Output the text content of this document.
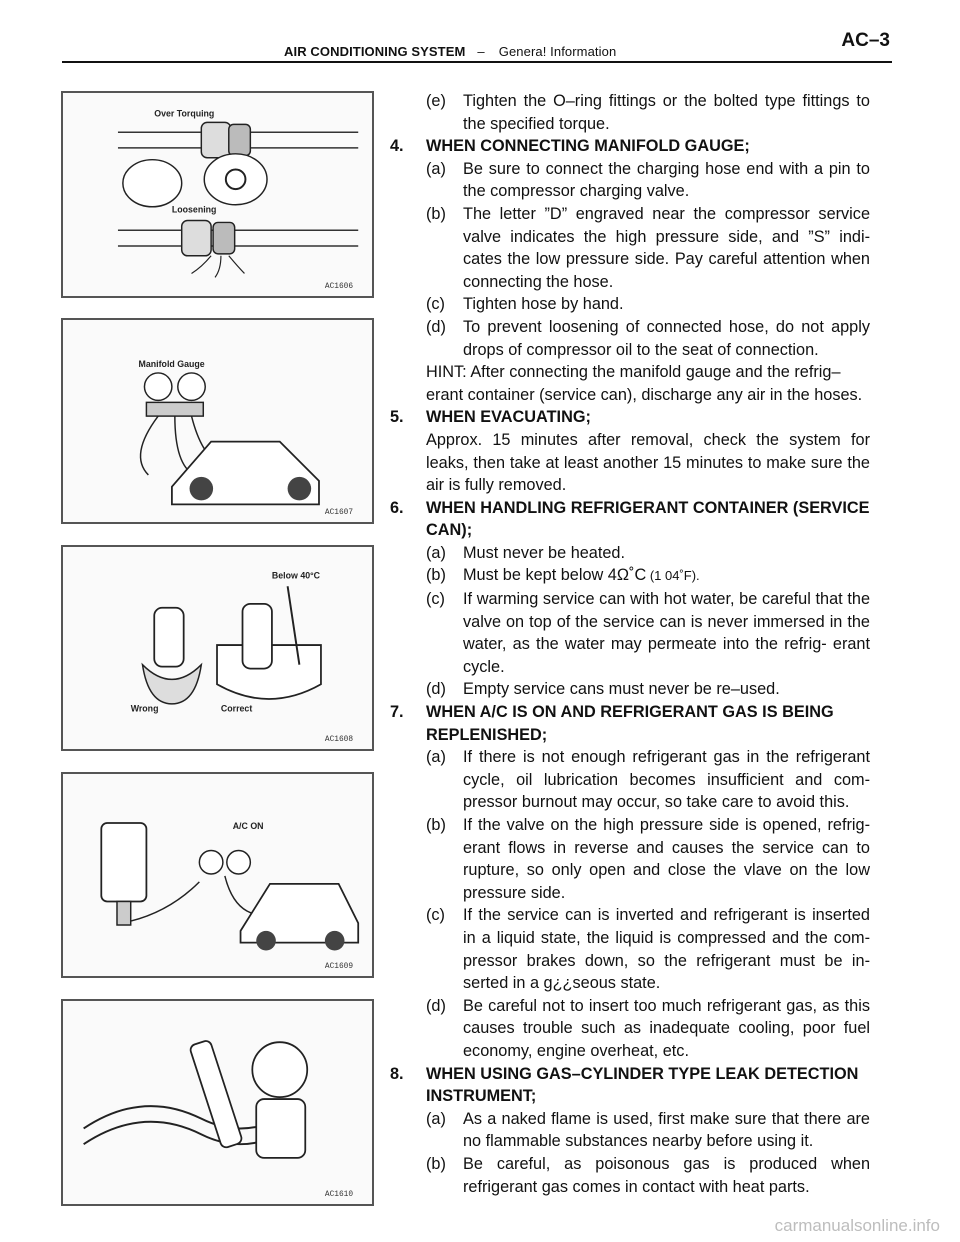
AIR CONDITIONING SYSTEM – Genera! Information
AC–3
Over Torquing
Loosening
AC1606
Manifold Gauge
AC1607
Below 40°C
Wrong	Correct
AC1608
A/C ON
AC1609
AC1610
(e) Tighten the O–ring fittings or the bolted type fittings to the specified torque.
4. WHEN CONNECTING MANIFOLD GAUGE;
(a) Be sure to connect the charging hose end with a pin to the compressor charging valve.
(b) The letter ”D” engraved near the compressor service valve indicates the high pressure side, and ”S” indi- cates the low pressure side. Pay careful attention when connecting the hose.
(c) Tighten hose by hand.
(d) To prevent loosening of connected hose, do not apply drops of compressor oil to the seat of connection.
HINT: After connecting the manifold gauge and the refrig– erant container (service can), discharge any air in the hoses.
5. WHEN EVACUATING;
Approx. 15 minutes after removal, check the system for leaks, then take at least another 15 minutes to make sure the air is fully removed.
6. WHEN HANDLING REFRIGERANT CONTAINER (SERVICE CAN);
(a) Must never be heated.
(b) Must be kept below 4Ω˚C (1 04˚F).
(c) If warming service can with hot water, be careful that the valve on top of the service can is never immersed in the water, as the water may permeate into the refrig- erant cycle.
(d) Empty service cans must never be re–used.
7. WHEN A/C IS ON AND REFRIGERANT GAS IS BEING REPLENISHED;
(a) If there is not enough refrigerant gas in the refrigerant cycle, oil lubrication becomes insufficient and com- pressor burnout may occur, so take care to avoid this.
(b) If the valve on the high pressure side is opened, refrig- erant flows in reverse and causes the service can to rupture, so only open and close the vlave on the low pressure side.
(c) If the service can is inverted and refrigerant is inserted in a liquid state, the liquid is compressed and the com- pressor brakes down, so the refrigerant must be in- serted in a g¿¿seous state.
(d) Be careful not to insert too much refrigerant gas, as this causes trouble such as inadequate cooling, poor fuel economy, engine overheat, etc.
8. WHEN USING GAS–CYLINDER TYPE LEAK DETECTION INSTRUMENT;
(a) As a naked flame is used, first make sure that there are no flammable substances nearby before using it.
(b) Be careful, as poisonous gas is produced when refrigerant gas comes in contact with heat parts.
carmanualsonline.info
